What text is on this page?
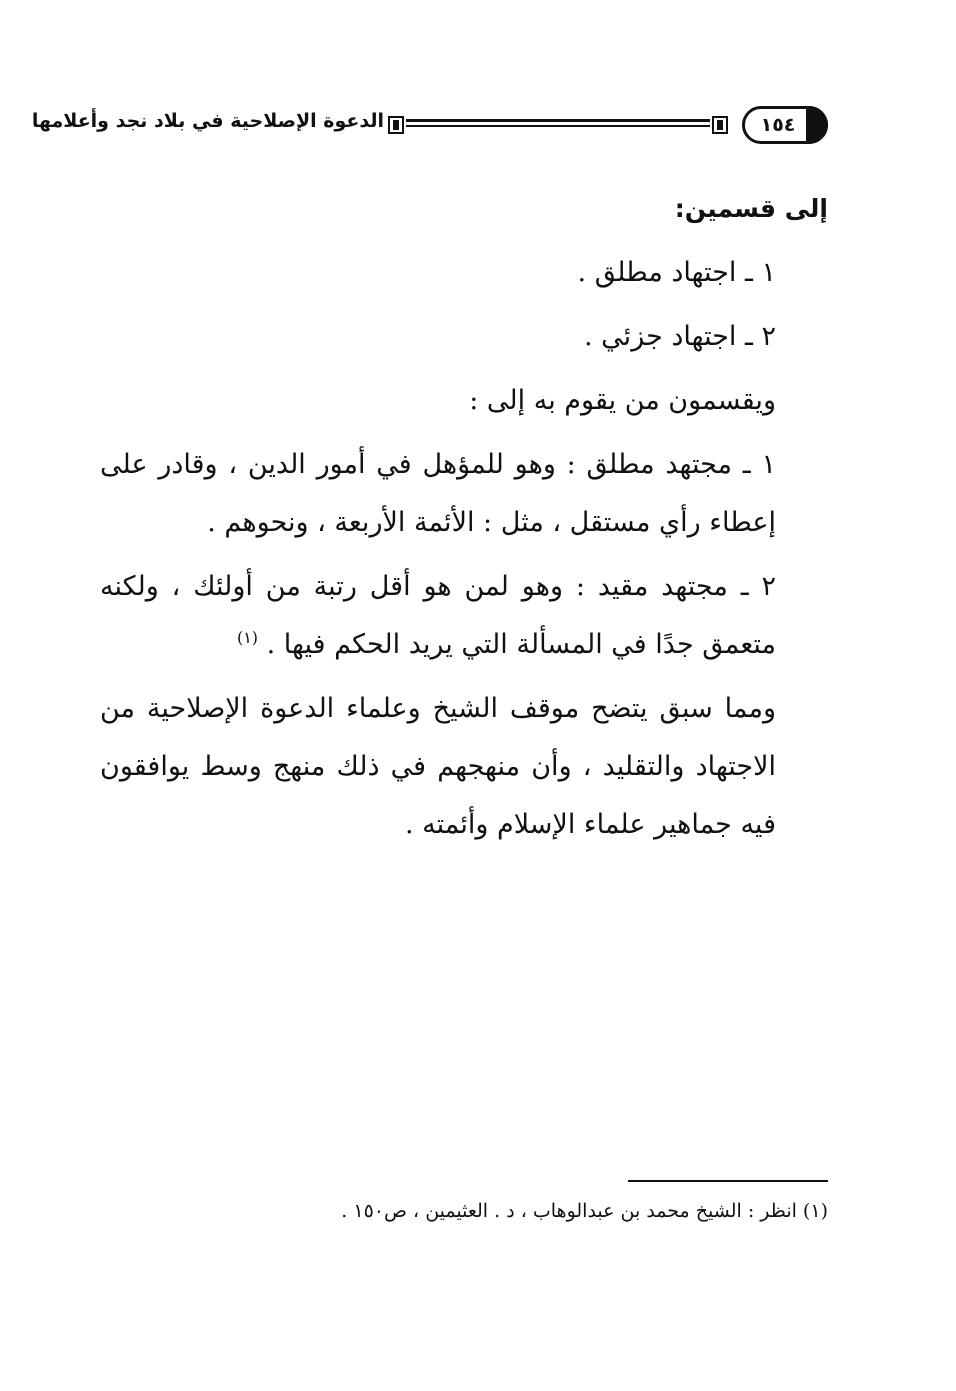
١٥٤
الدعوة الإصلاحية في بلاد نجد وأعلامها

إلى قسمين:

١ ـ اجتهاد مطلق .

٢ ـ اجتهاد جزئي .

ويقسمون من يقوم به إلى :

١ ـ مجتهد مطلق : وهو للمؤهل في أمور الدين ، وقادر على إعطاء رأي مستقل ، مثل : الأئمة الأربعة ، ونحوهم .

٢ ـ مجتهد مقيد : وهو لمن هو أقل رتبة من أولئك ، ولكنه متعمق جدًا في المسألة التي يريد الحكم فيها . $^{(١)}$

ومما سبق يتضح موقف الشيخ وعلماء الدعوة الإصلاحية من الاجتهاد والتقليد ، وأن منهجهم في ذلك منهج وسط يوافقون فيه جماهير علماء الإسلام وأئمته .

(١) انظر : الشيخ محمد بن عبدالوهاب ، د . العثيمين ، ص١٥٠ .
